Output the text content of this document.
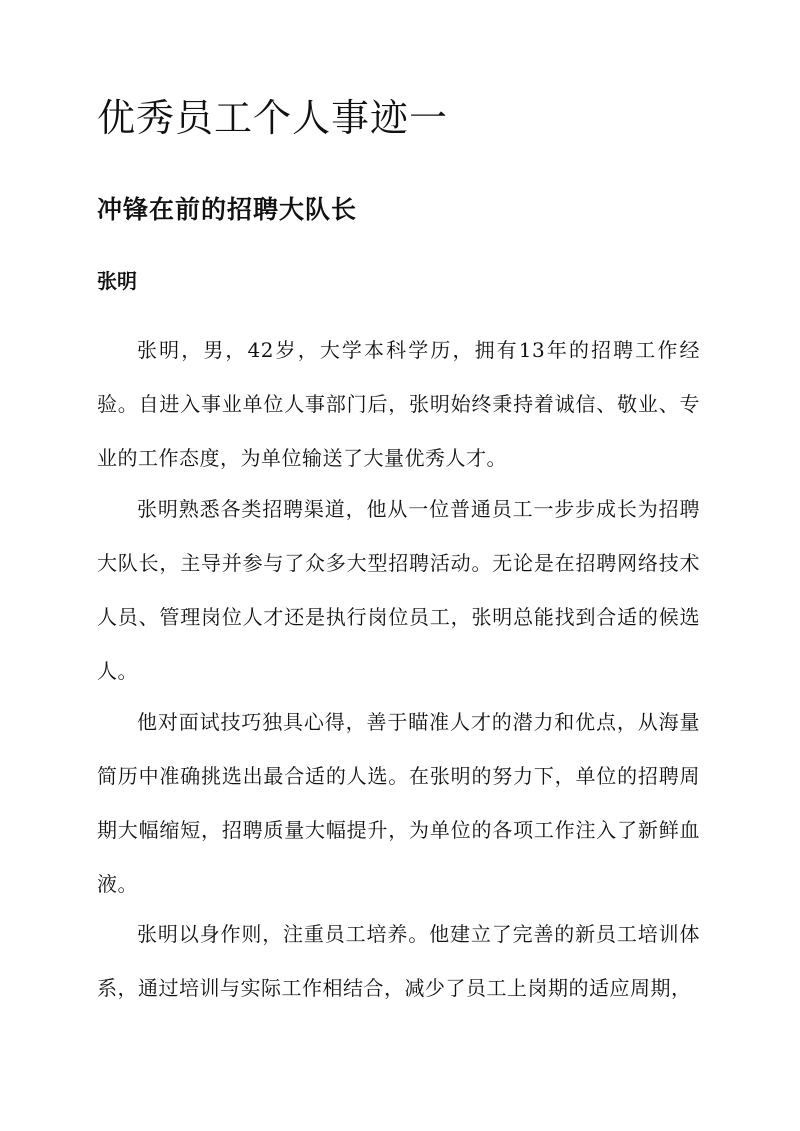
优秀员工个人事迹一
冲锋在前的招聘大队长

张明

张明，男，42岁，大学本科学历，拥有13年的招聘工作经验。自进入事业单位人事部门后，张明始终秉持着诚信、敬业、专业的工作态度，为单位输送了大量优秀人才。

张明熟悉各类招聘渠道，他从一位普通员工一步步成长为招聘大队长，主导并参与了众多大型招聘活动。无论是在招聘网络技术人员、管理岗位人才还是执行岗位员工，张明总能找到合适的候选人。

他对面试技巧独具心得，善于瞄准人才的潜力和优点，从海量简历中准确挑选出最合适的人选。在张明的努力下，单位的招聘周期大幅缩短，招聘质量大幅提升，为单位的各项工作注入了新鲜血液。

张明以身作则，注重员工培养。他建立了完善的新员工培训体系，通过培训与实际工作相结合，减少了员工上岗期的适应周期，
